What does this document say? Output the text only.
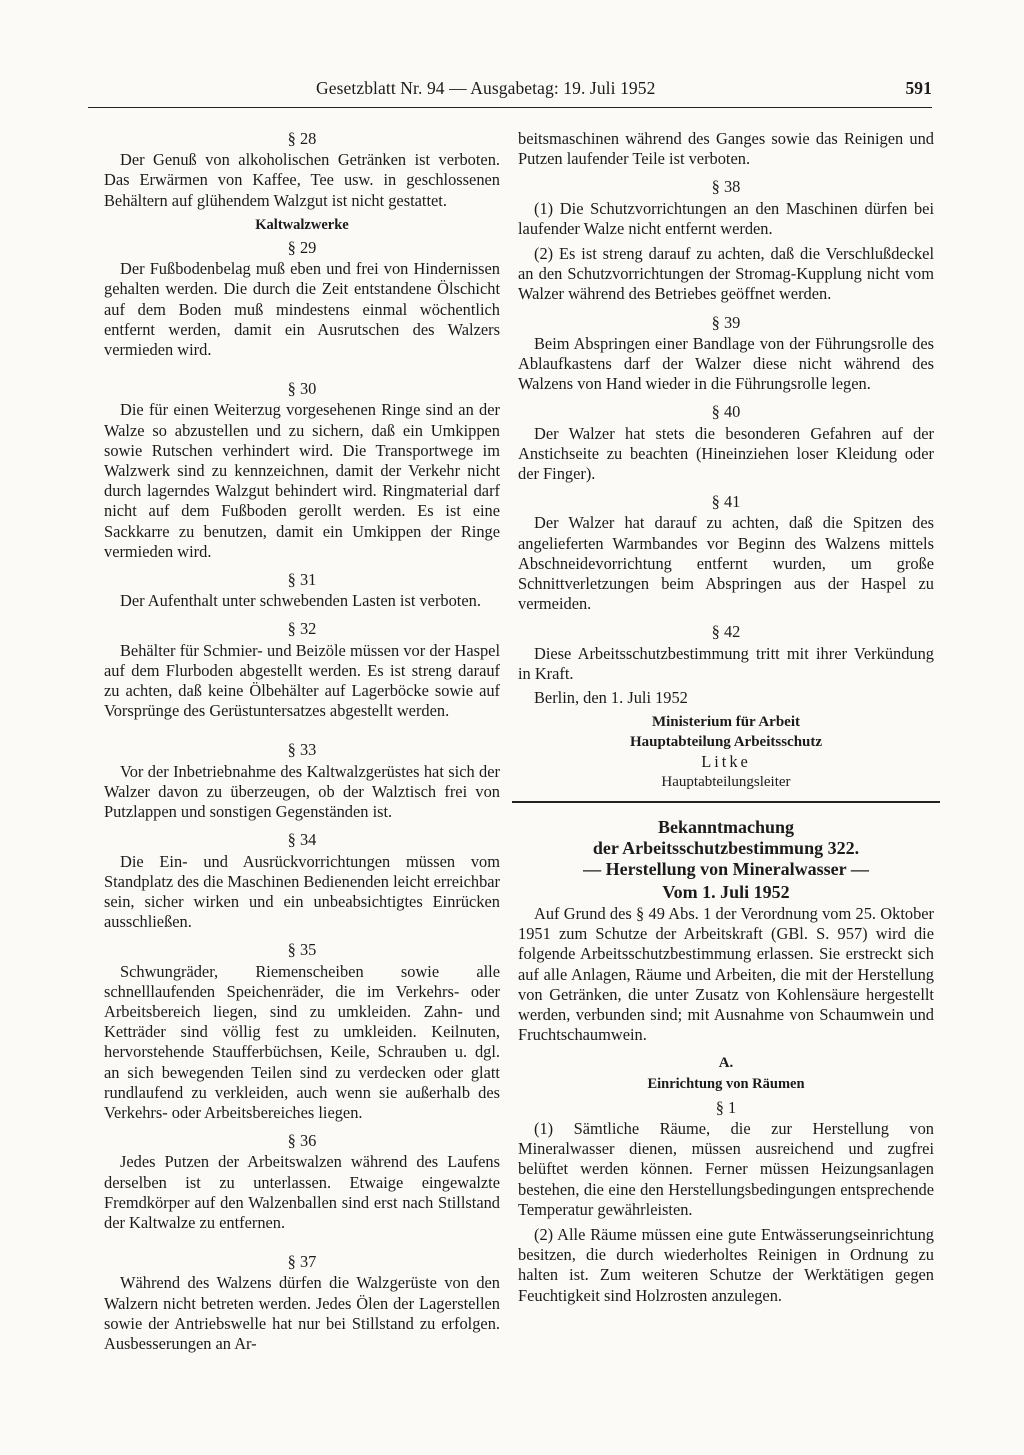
Gesetzblatt Nr. 94 — Ausgabetag: 19. Juli 1952	591
§ 28

Der Genuß von alkoholischen Getränken ist verboten. Das Erwärmen von Kaffee, Tee usw. in geschlossenen Behältern auf glühendem Walzgut ist nicht gestattet.

Kaltwalzwerke
§ 29

Der Fußbodenbelag muß eben und frei von Hindernissen gehalten werden. Die durch die Zeit entstandene Ölschicht auf dem Boden muß mindestens einmal wöchentlich entfernt werden, damit ein Ausrutschen des Walzers vermieden wird.

§ 30

Die für einen Weiterzug vorgesehenen Ringe sind an der Walze so abzustellen und zu sichern, daß ein Umkippen sowie Rutschen verhindert wird. Die Transportwege im Walzwerk sind zu kennzeichnen, damit der Verkehr nicht durch lagerndes Walzgut behindert wird. Ringmaterial darf nicht auf dem Fußboden gerollt werden. Es ist eine Sackkarre zu benutzen, damit ein Umkippen der Ringe vermieden wird.

§ 31

Der Aufenthalt unter schwebenden Lasten ist verboten.

§ 32

Behälter für Schmier- und Beizöle müssen vor der Haspel auf dem Flurboden abgestellt werden. Es ist streng darauf zu achten, daß keine Ölbehälter auf Lagerböcke sowie auf Vorsprünge des Gerüstuntersatzes abgestellt werden.

§ 33

Vor der Inbetriebnahme des Kaltwalzgerüstes hat sich der Walzer davon zu überzeugen, ob der Walztisch frei von Putzlappen und sonstigen Gegenständen ist.

§ 34

Die Ein- und Ausrückvorrichtungen müssen vom Standplatz des die Maschinen Bedienenden leicht erreichbar sein, sicher wirken und ein unbeabsichtigtes Einrücken ausschließen.

§ 35

Schwungräder, Riemenscheiben sowie alle schnelllaufenden Speichenräder, die im Verkehrs- oder Arbeitsbereich liegen, sind zu umkleiden. Zahn- und Ketträder sind völlig fest zu umkleiden. Keilnuten, hervorstehende Staufferbüchsen, Keile, Schrauben u. dgl. an sich bewegenden Teilen sind zu verdecken oder glatt rundlaufend zu verkleiden, auch wenn sie außerhalb des Verkehrs- oder Arbeitsbereiches liegen.

§ 36

Jedes Putzen der Arbeitswalzen während des Laufens derselben ist zu unterlassen. Etwaige eingewalzte Fremdkörper auf den Walzenballen sind erst nach Stillstand der Kaltwalze zu entfernen.

§ 37

Während des Walzens dürfen die Walzgerüste von den Walzern nicht betreten werden. Jedes Ölen der Lagerstellen sowie der Antriebswelle hat nur bei Stillstand zu erfolgen. Ausbesserungen an Ar-

beitsmaschinen während des Ganges sowie das Reinigen und Putzen laufender Teile ist verboten.

§ 38

(1) Die Schutzvorrichtungen an den Maschinen dürfen bei laufender Walze nicht entfernt werden.

(2) Es ist streng darauf zu achten, daß die Verschlußdeckel an den Schutzvorrichtungen der Stromag-Kupplung nicht vom Walzer während des Betriebes geöffnet werden.

§ 39

Beim Abspringen einer Bandlage von der Führungsrolle des Ablaufkastens darf der Walzer diese nicht während des Walzens von Hand wieder in die Führungsrolle legen.

§ 40

Der Walzer hat stets die besonderen Gefahren auf der Anstichseite zu beachten (Hineinziehen loser Kleidung oder der Finger).

§ 41

Der Walzer hat darauf zu achten, daß die Spitzen des angelieferten Warmbandes vor Beginn des Walzens mittels Abschneidevorrichtung entfernt wurden, um große Schnittverletzungen beim Abspringen aus der Haspel zu vermeiden.

§ 42

Diese Arbeitsschutzbestimmung tritt mit ihrer Verkündung in Kraft.

Berlin, den 1. Juli 1952

Ministerium für Arbeit
Hauptabteilung Arbeitsschutz
Litke
Hauptabteilungsleiter
Bekanntmachung
der Arbeitsschutzbestimmung 322.
— Herstellung von Mineralwasser —
Vom 1. Juli 1952

Auf Grund des § 49 Abs. 1 der Verordnung vom 25. Oktober 1951 zum Schutze der Arbeitskraft (GBl. S. 957) wird die folgende Arbeitsschutzbestimmung erlassen. Sie erstreckt sich auf alle Anlagen, Räume und Arbeiten, die mit der Herstellung von Getränken, die unter Zusatz von Kohlensäure hergestellt werden, verbunden sind; mit Ausnahme von Schaumwein und Fruchtschaumwein.

A.
Einrichtung von Räumen
§ 1

(1) Sämtliche Räume, die zur Herstellung von Mineralwasser dienen, müssen ausreichend und zugfrei belüftet werden können. Ferner müssen Heizungsanlagen bestehen, die eine den Herstellungsbedingungen entsprechende Temperatur gewährleisten.

(2) Alle Räume müssen eine gute Entwässerungseinrichtung besitzen, die durch wiederholtes Reinigen in Ordnung zu halten ist. Zum weiteren Schutze der Werktätigen gegen Feuchtigkeit sind Holzrosten anzulegen.
